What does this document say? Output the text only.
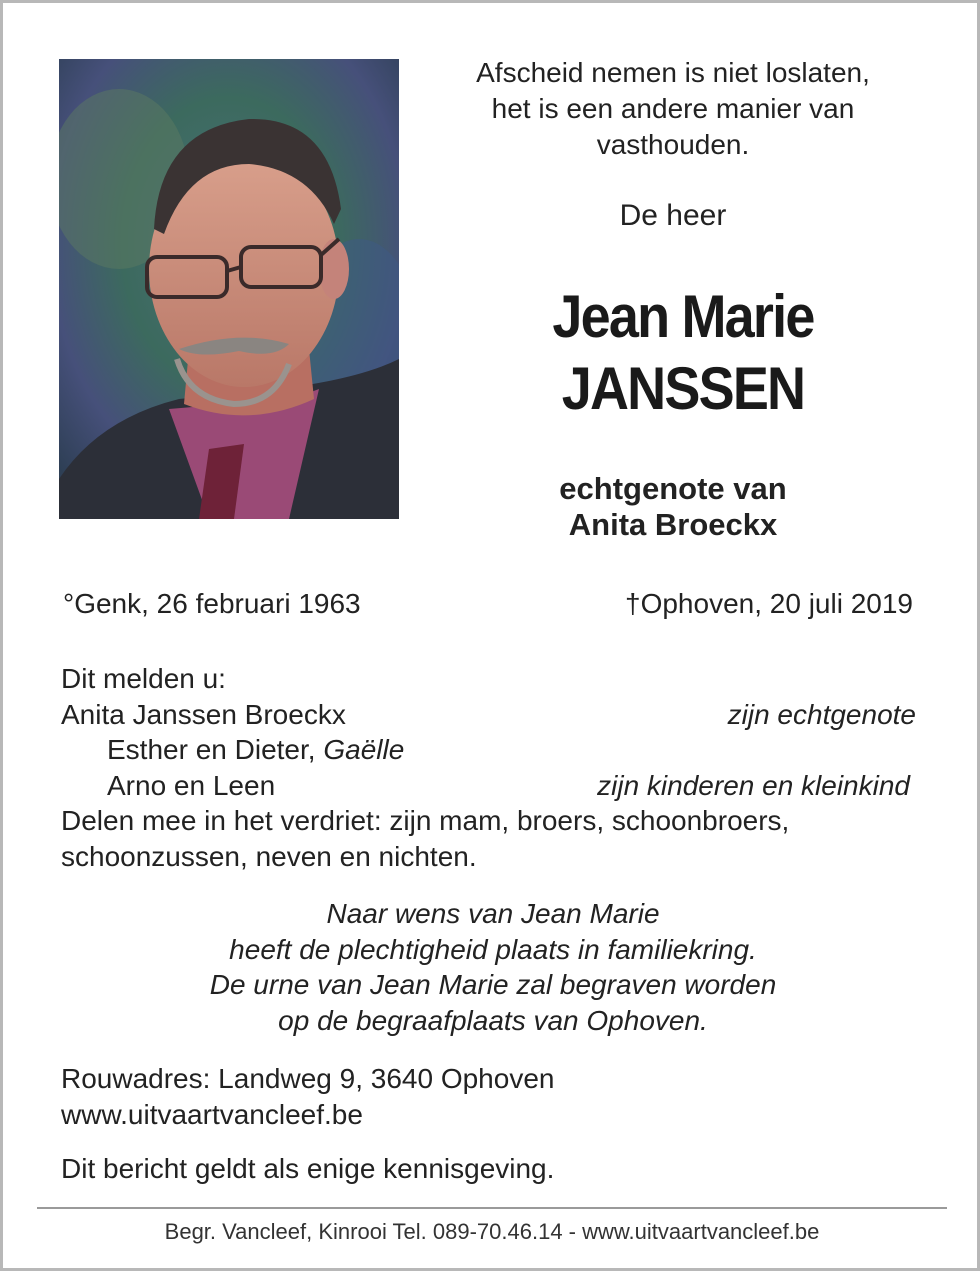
Afscheid nemen is niet loslaten,
het is een andere manier van
vasthouden.
De heer
Jean Marie
JANSSEN
echtgenote van
Anita Broeckx
°Genk, 26 februari 1963	†Ophoven, 20 juli 2019
Dit melden u:
Anita Janssen Broeckx	zijn echtgenote
Esther en Dieter, Gaëlle
Arno en Leen	zijn kinderen en kleinkind
Delen mee in het verdriet: zijn mam, broers, schoonbroers,
schoonzussen, neven en nichten.
Naar wens van Jean Marie
heeft de plechtigheid plaats in familiekring.
De urne van Jean Marie zal begraven worden
op de begraafplaats van Ophoven.
Rouwadres: Landweg 9, 3640 Ophoven
www.uitvaartvancleef.be
Dit bericht geldt als enige kennisgeving.
Begr. Vancleef, Kinrooi Tel. 089-70.46.14 - www.uitvaartvancleef.be
